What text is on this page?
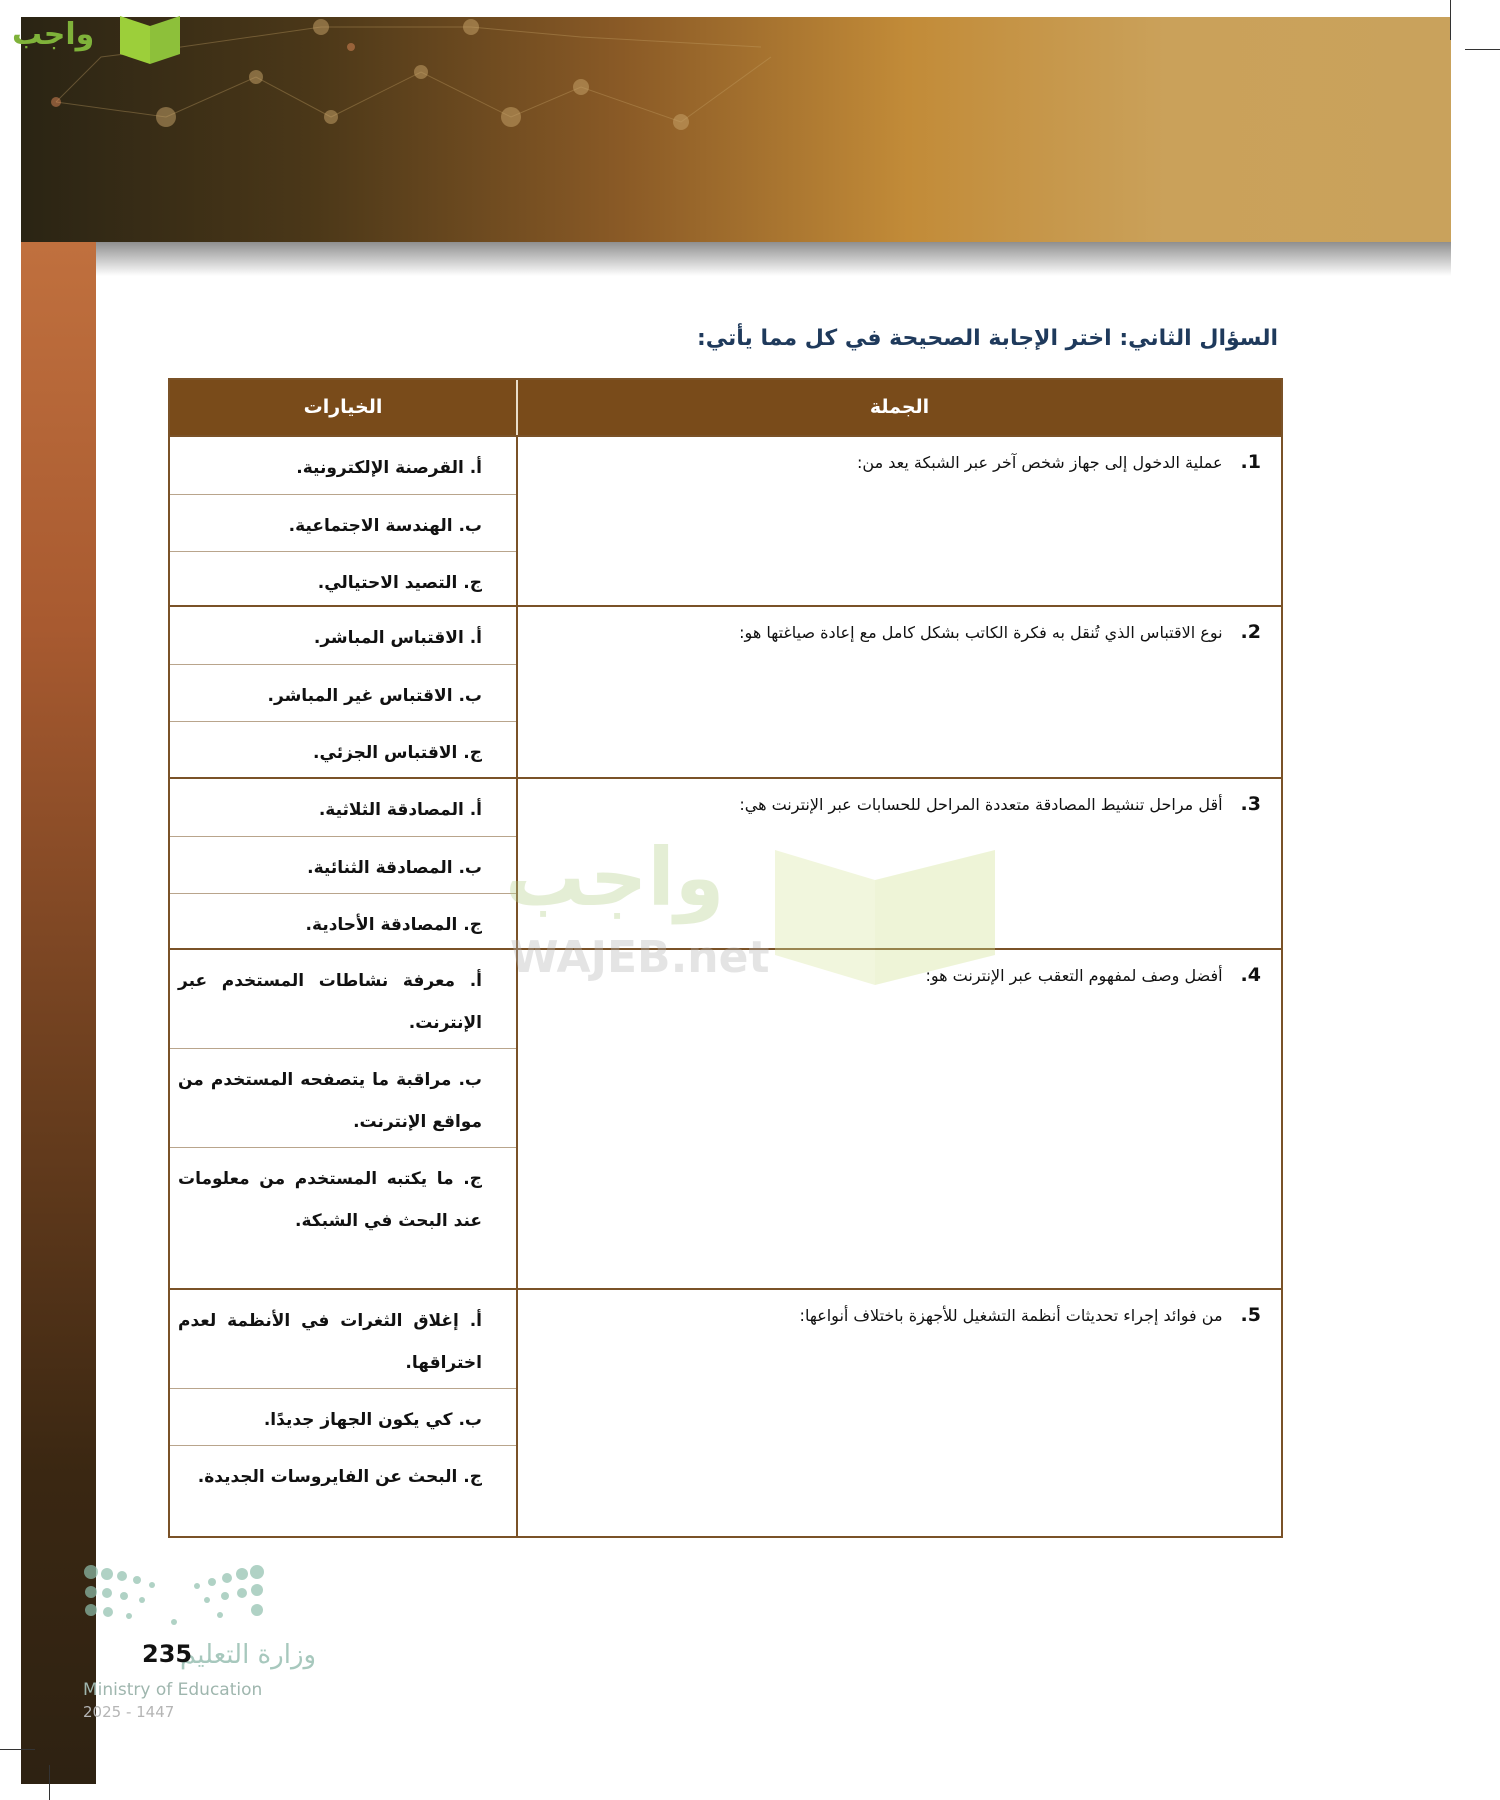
واجب
السؤال الثاني: اختر الإجابة الصحيحة في كل مما يأتي:
الخيارات	الجملة
1.عملية الدخول إلى جهاز شخص آخر عبر الشبكة يعد من:
أ. القرصنة الإلكترونية.
ب. الهندسة الاجتماعية.
ج. التصيد الاحتيالي.
2.نوع الاقتباس الذي تُنقل به فكرة الكاتب بشكل كامل مع إعادة صياغتها هو:
أ. الاقتباس المباشر.
ب. الاقتباس غير المباشر.
ج. الاقتباس الجزئي.
3.أقل مراحل تنشيط المصادقة متعددة المراحل للحسابات عبر الإنترنت هي:
أ. المصادقة الثلاثية.
ب. المصادقة الثنائية.
ج. المصادقة الأحادية.
4.أفضل وصف لمفهوم التعقب عبر الإنترنت هو:
أ. معرفة نشاطات المستخدم عبر الإنترنت.
ب. مراقبة ما يتصفحه المستخدم من مواقع الإنترنت.
ج. ما يكتبه المستخدم من معلومات عند البحث في الشبكة.
5.من فوائد إجراء تحديثات أنظمة التشغيل للأجهزة باختلاف أنواعها:
أ. إغلاق الثغرات في الأنظمة لعدم اختراقها.
ب. كي يكون الجهاز جديدًا.
ج. البحث عن الفايروسات الجديدة.
واجب
WAJEB.net
وزارة التعليم
235
Ministry of Education
2025 - 1447
